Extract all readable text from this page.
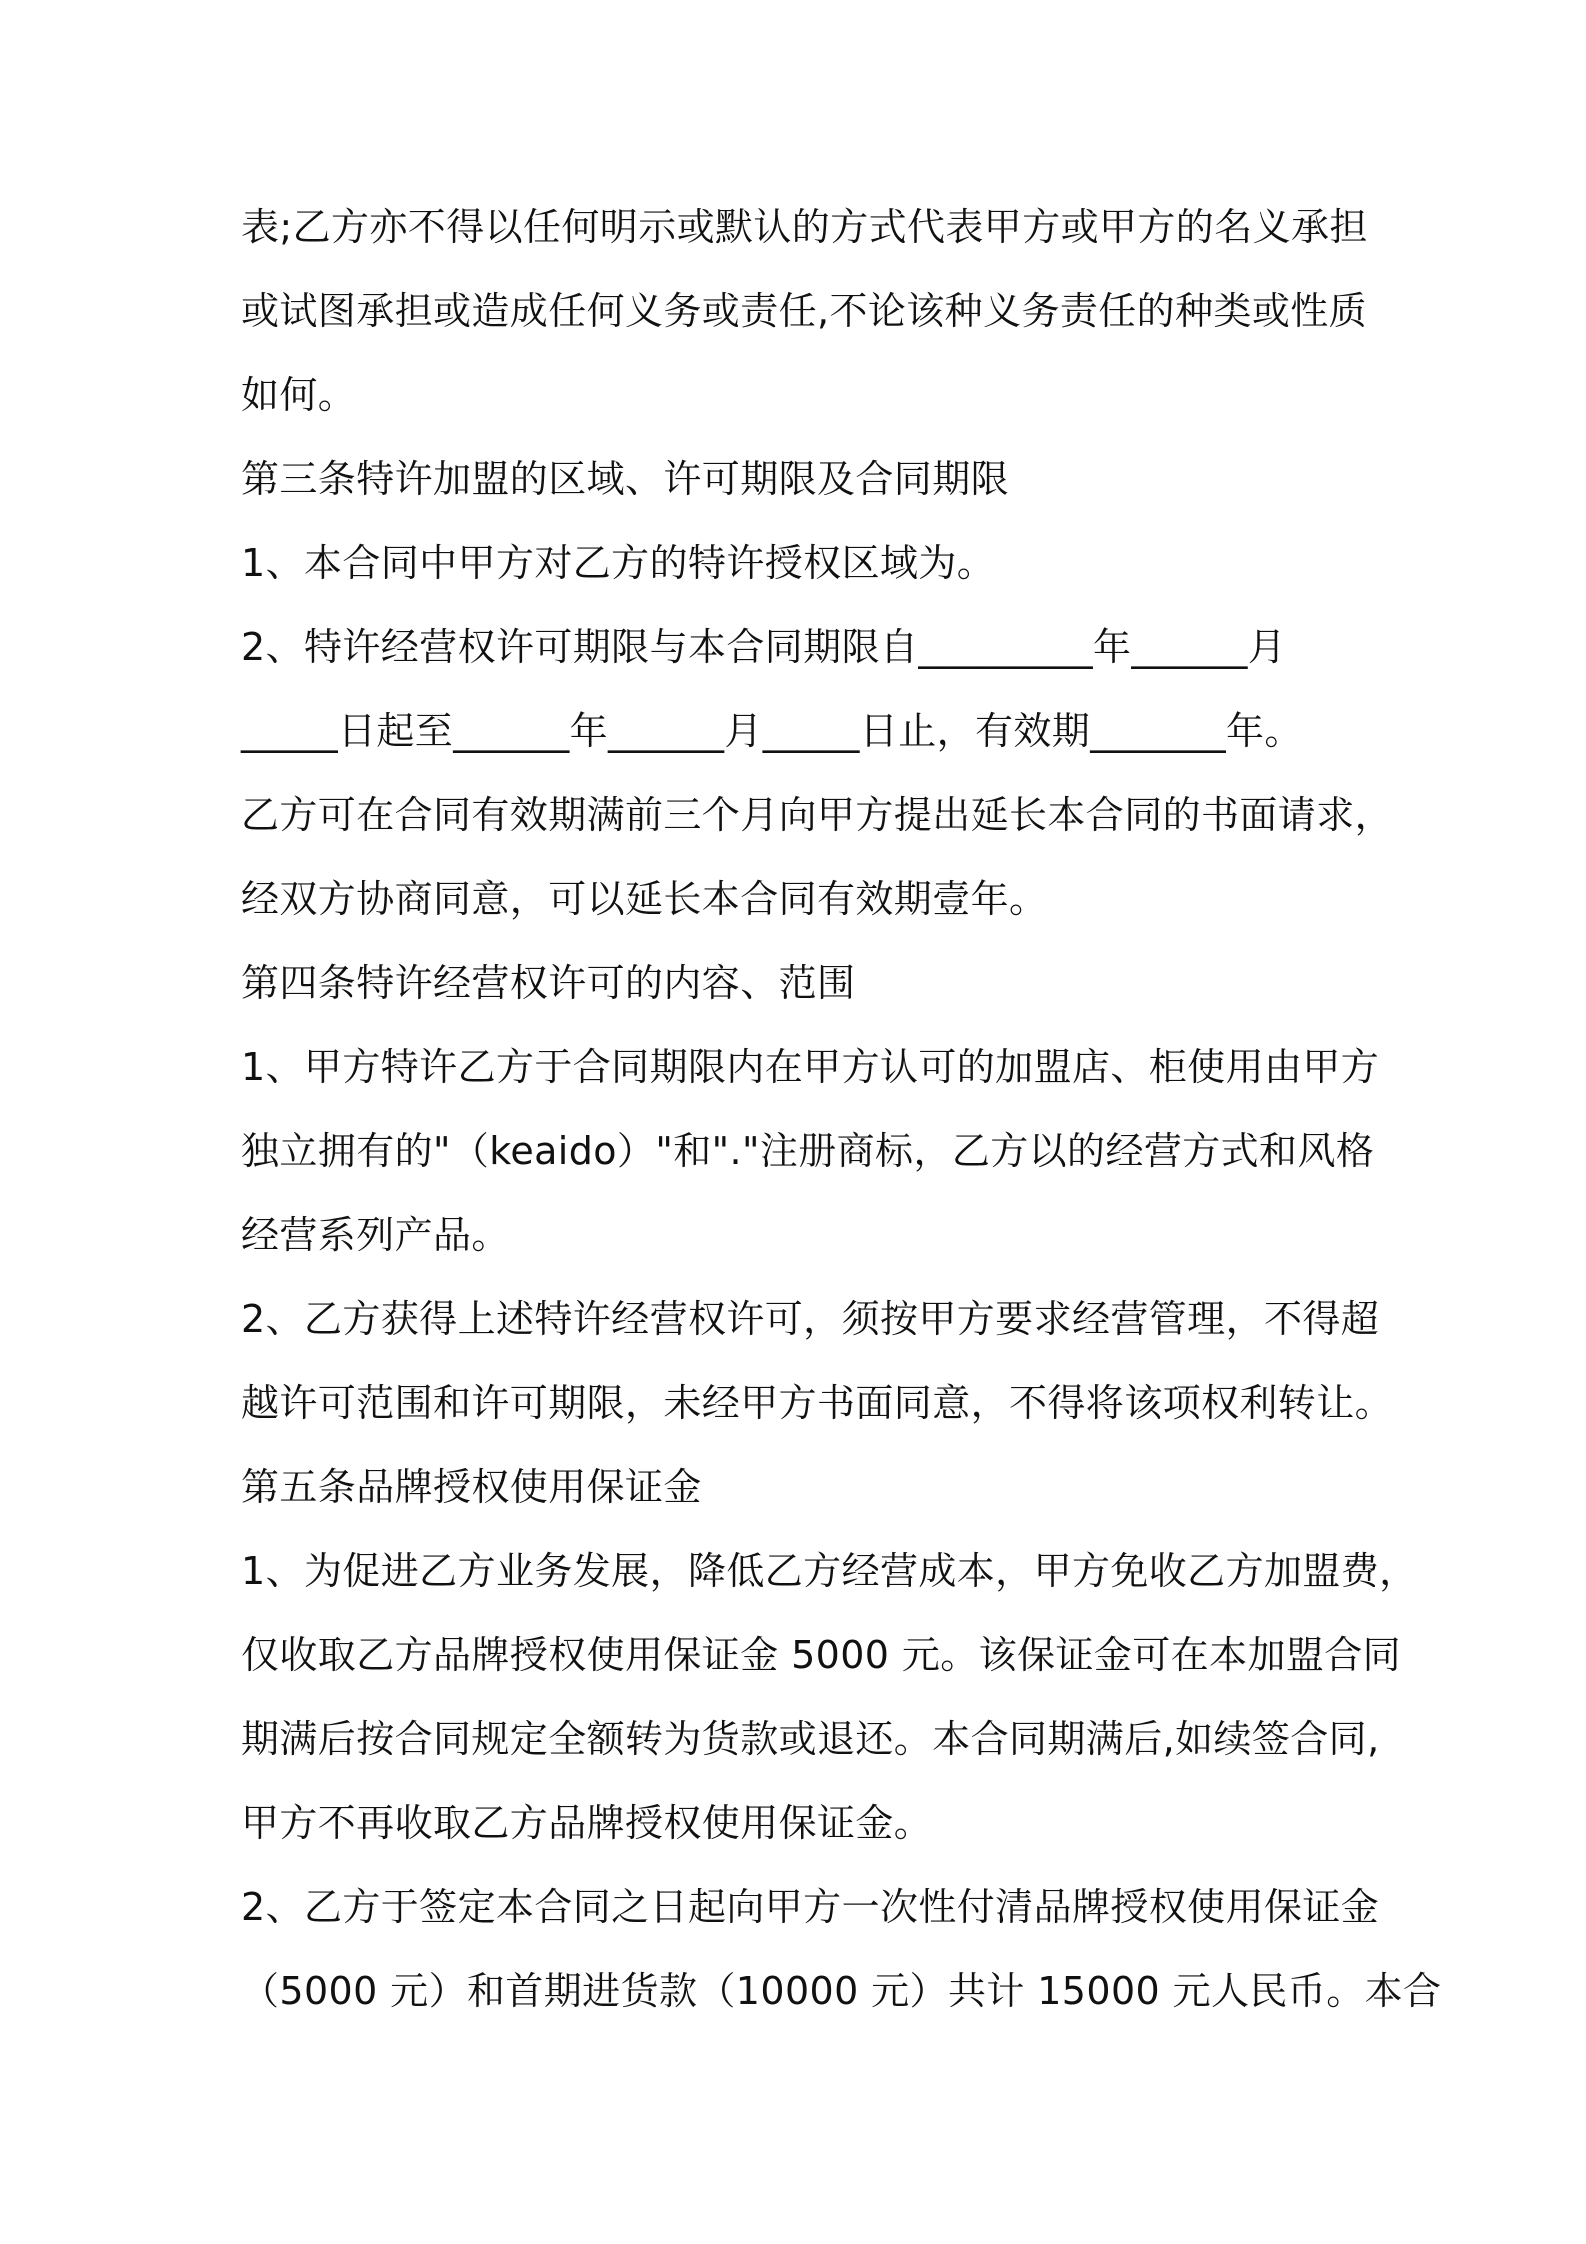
表;乙方亦不得以任何明示或默认的方式代表甲方或甲方的名义承担
或试图承担或造成任何义务或责任,不论该种义务责任的种类或性质
如何。
第三条特许加盟的区域、许可期限及合同期限
1、本合同中甲方对乙方的特许授权区域为。
2、特许经营权许可期限与本合同期限自_________年______月
_____日起至______年______月_____日止，有效期_______年。
乙方可在合同有效期满前三个月向甲方提出延长本合同的书面请求，
经双方协商同意，可以延长本合同有效期壹年。
第四条特许经营权许可的内容、范围
1、甲方特许乙方于合同期限内在甲方认可的加盟店、柜使用由甲方
独立拥有的"（keaido）"和"."注册商标，乙方以的经营方式和风格
经营系列产品。
2、乙方获得上述特许经营权许可，须按甲方要求经营管理，不得超
越许可范围和许可期限，未经甲方书面同意，不得将该项权利转让。
第五条品牌授权使用保证金
1、为促进乙方业务发展，降低乙方经营成本，甲方免收乙方加盟费，
仅收取乙方品牌授权使用保证金 5000 元。该保证金可在本加盟合同
期满后按合同规定全额转为货款或退还。本合同期满后,如续签合同,
甲方不再收取乙方品牌授权使用保证金。
2、乙方于签定本合同之日起向甲方一次性付清品牌授权使用保证金
（5000 元）和首期进货款（10000 元）共计 15000 元人民币。本合
